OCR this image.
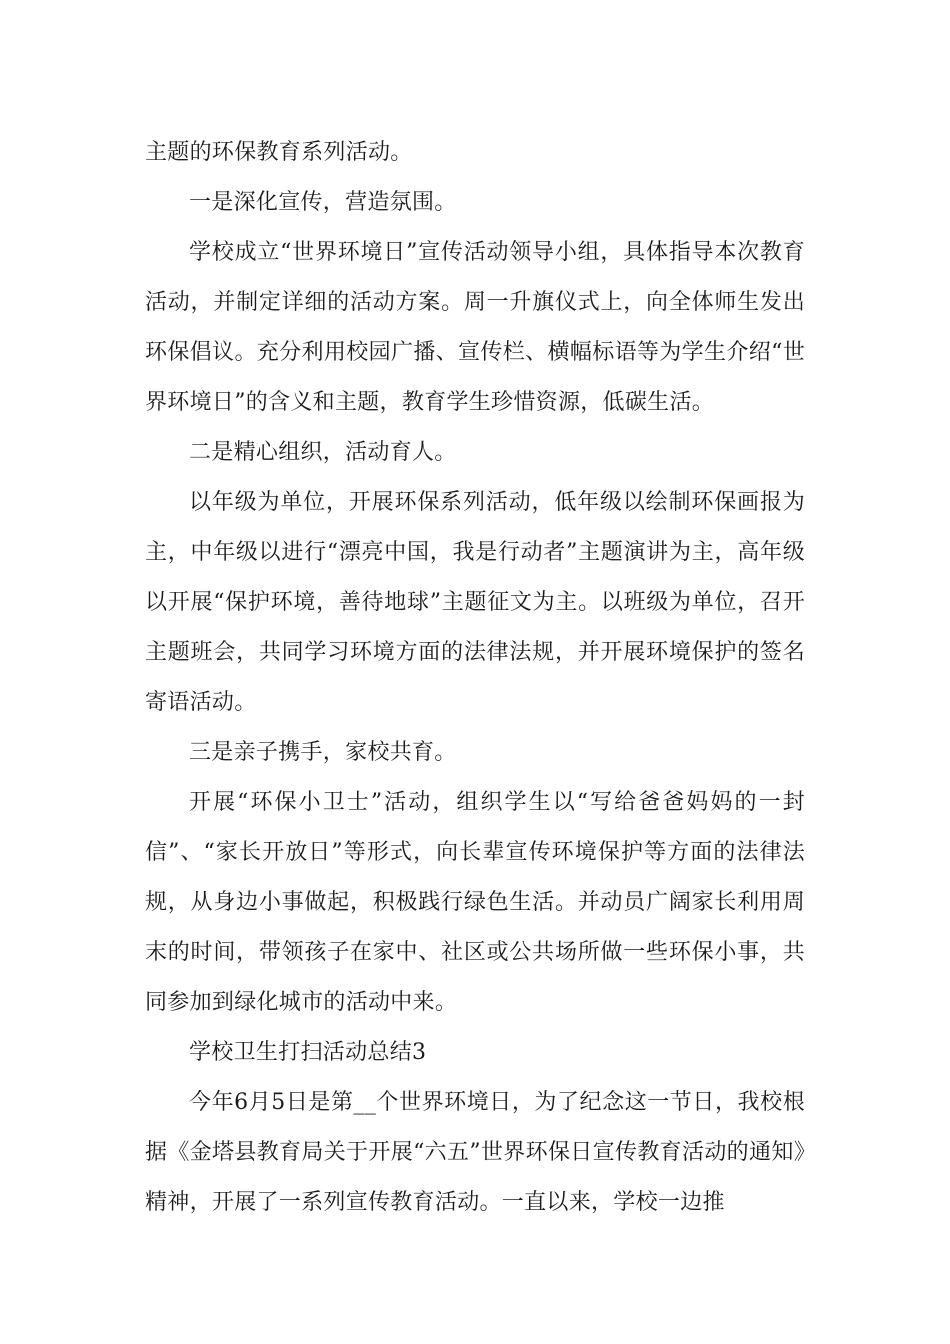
主题的环保教育系列活动。

一是深化宣传，营造氛围。

学校成立“世界环境日”宣传活动领导小组，具体指导本次教育活动，并制定详细的活动方案。周一升旗仪式上，向全体师生发出环保倡议。充分利用校园广播、宣传栏、横幅标语等为学生介绍“世界环境日”的含义和主题，教育学生珍惜资源，低碳生活。

二是精心组织，活动育人。

以年级为单位，开展环保系列活动，低年级以绘制环保画报为主，中年级以进行“漂亮中国，我是行动者”主题演讲为主，高年级以开展“保护环境，善待地球”主题征文为主。以班级为单位，召开主题班会，共同学习环境方面的法律法规，并开展环境保护的签名寄语活动。

三是亲子携手，家校共育。

开展“环保小卫士”活动，组织学生以“写给爸爸妈妈的一封信”、“家长开放日”等形式，向长辈宣传环境保护等方面的法律法规，从身边小事做起，积极践行绿色生活。并动员广阔家长利用周末的时间，带领孩子在家中、社区或公共场所做一些环保小事，共同参加到绿化城市的活动中来。

学校卫生打扫活动总结3

今年6月5日是第__个世界环境日，为了纪念这一节日，我校根据《金塔县教育局关于开展“六五”世界环保日宣传教育活动的通知》精神，开展了一系列宣传教育活动。一直以来，学校一边推
